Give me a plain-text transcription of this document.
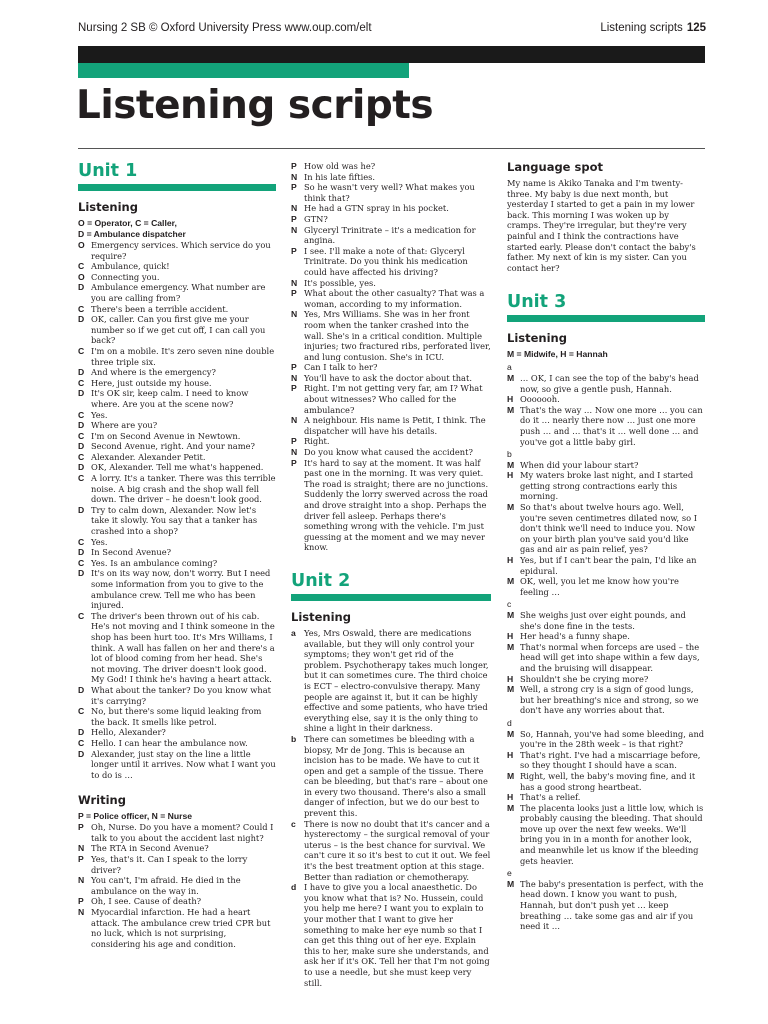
Nursing 2 SB © Oxford University Press www.oup.com/elt	Listening scripts 125
Listening scripts
Unit 1
Listening
O = Operator, C = Caller,
D = Ambulance dispatcher
O Emergency services. Which service do you require?
C Ambulance, quick!
O Connecting you.
D Ambulance emergency. What number are you are calling from?
C There's been a terrible accident.
D OK, caller. Can you first give me your number so if we get cut off, I can call you back?
C I'm on a mobile. It's zero seven nine double three triple six.
D And where is the emergency?
C Here, just outside my house.
D It's OK sir, keep calm. I need to know where. Are you at the scene now?
C Yes.
D Where are you?
C I'm on Second Avenue in Newtown.
D Second Avenue, right. And your name?
C Alexander. Alexander Petit.
D OK, Alexander. Tell me what's happened.
C A lorry. It's a tanker. There was this terrible noise. A big crash and the shop wall fell down. The driver – he doesn't look good.
D Try to calm down, Alexander. Now let's take it slowly. You say that a tanker has crashed into a shop?
C Yes.
D In Second Avenue?
C Yes. Is an ambulance coming?
D It's on its way now, don't worry. But I need some information from you to give to the ambulance crew. Tell me who has been injured.
C The driver's been thrown out of his cab. He's not moving and I think someone in the shop has been hurt too. It's Mrs Williams, I think. A wall has fallen on her and there's a lot of blood coming from her head. She's not moving. The driver doesn't look good. My God! I think he's having a heart attack.
D What about the tanker? Do you know what it's carrying?
C No, but there's some liquid leaking from the back. It smells like petrol.
D Hello, Alexander?
C Hello. I can hear the ambulance now.
D Alexander, just stay on the line a little longer until it arrives. Now what I want you to do is …
Writing
P = Police officer, N = Nurse
P Oh, Nurse. Do you have a moment? Could I talk to you about the accident last night?
N The RTA in Second Avenue?
P Yes, that's it. Can I speak to the lorry driver?
N You can't, I'm afraid. He died in the ambulance on the way in.
P Oh, I see. Cause of death?
N Myocardial infarction. He had a heart attack. The ambulance crew tried CPR but no luck, which is not surprising, considering his age and condition.
P How old was he?
N In his late fifties.
P So he wasn't very well? What makes you think that?
N He had a GTN spray in his pocket.
P GTN?
N Glyceryl Trinitrate – it's a medication for angina.
P I see. I'll make a note of that: Glyceryl Trinitrate. Do you think his medication could have affected his driving?
N It's possible, yes.
P What about the other casualty? That was a woman, according to my information.
N Yes, Mrs Williams. She was in her front room when the tanker crashed into the wall. She's in a critical condition. Multiple injuries; two fractured ribs, perforated liver, and lung contusion. She's in ICU.
P Can I talk to her?
N You'll have to ask the doctor about that.
P Right. I'm not getting very far, am I? What about witnesses? Who called for the ambulance?
N A neighbour. His name is Petit, I think. The dispatcher will have his details.
P Right.
N Do you know what caused the accident?
P It's hard to say at the moment. It was half past one in the morning. It was very quiet. The road is straight; there are no junctions. Suddenly the lorry swerved across the road and drove straight into a shop. Perhaps the driver fell asleep. Perhaps there's something wrong with the vehicle. I'm just guessing at the moment and we may never know.
Unit 2
Listening
a Yes, Mrs Oswald, there are medications available, but they will only control your symptoms; they won't get rid of the problem. Psychotherapy takes much longer, but it can sometimes cure. The third choice is ECT – electro-convulsive therapy. Many people are against it, but it can be highly effective and some patients, who have tried everything else, say it is the only thing to shine a light in their darkness.
b There can sometimes be bleeding with a biopsy, Mr de Jong. This is because an incision has to be made. We have to cut it open and get a sample of the tissue. There can be bleeding, but that's rare – about one in every two thousand. There's also a small danger of infection, but we do our best to prevent this.
c There is now no doubt that it's cancer and a hysterectomy – the surgical removal of your uterus – is the best chance for survival. We can't cure it so it's best to cut it out. We feel it's the best treatment option at this stage. Better than radiation or chemotherapy.
d I have to give you a local anaesthetic. Do you know what that is? No. Hussein, could you help me here? I want you to explain to your mother that I want to give her something to make her eye numb so that I can get this thing out of her eye. Explain this to her, make sure she understands, and ask her if it's OK. Tell her that I'm not going to use a needle, but she must keep very still.
Language spot

My name is Akiko Tanaka and I'm twenty-three. My baby is due next month, but yesterday I started to get a pain in my lower back. This morning I was woken up by cramps. They're irregular, but they're very painful and I think the contractions have started early. Please don't contact the baby's father. My next of kin is my sister. Can you contact her?

Unit 3
Listening
M = Midwife, H = Hannah
a
M … OK, I can see the top of the baby's head now, so give a gentle push, Hannah.
H Ooooooh.
M That's the way … Now one more … you can do it … nearly there now … just one more push … and … that's it … well done … and you've got a little baby girl.
b
M When did your labour start?
H My waters broke last night, and I started getting strong contractions early this morning.
M So that's about twelve hours ago. Well, you're seven centimetres dilated now, so I don't think we'll need to induce you. Now on your birth plan you've said you'd like gas and air as pain relief, yes?
H Yes, but if I can't bear the pain, I'd like an epidural.
M OK, well, you let me know how you're feeling …
c
M She weighs just over eight pounds, and she's done fine in the tests.
H Her head's a funny shape.
M That's normal when forceps are used – the head will get into shape within a few days, and the bruising will disappear.
H Shouldn't she be crying more?
M Well, a strong cry is a sign of good lungs, but her breathing's nice and strong, so we don't have any worries about that.
d
M So, Hannah, you've had some bleeding, and you're in the 28th week – is that right?
H That's right. I've had a miscarriage before, so they thought I should have a scan.
M Right, well, the baby's moving fine, and it has a good strong heartbeat.
H That's a relief.
M The placenta looks just a little low, which is probably causing the bleeding. That should move up over the next few weeks. We'll bring you in in a month for another look, and meanwhile let us know if the bleeding gets heavier.
e
M The baby's presentation is perfect, with the head down. I know you want to push, Hannah, but don't push yet … keep breathing … take some gas and air if you need it …
